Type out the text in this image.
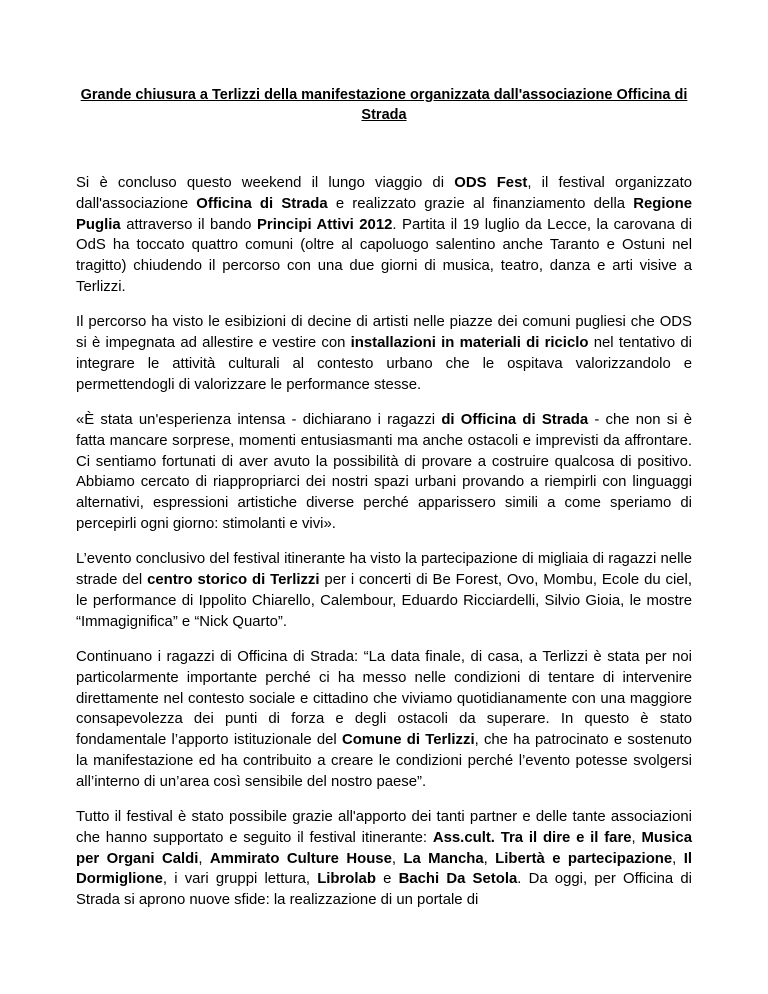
Grande chiusura a Terlizzi della manifestazione organizzata dall'associazione Officina di Strada

Si è concluso questo weekend il lungo viaggio di ODS Fest, il festival organizzato dall'associazione Officina di Strada e realizzato grazie al finanziamento della Regione Puglia attraverso il bando Principi Attivi 2012. Partita il 19 luglio da Lecce, la carovana di OdS ha toccato quattro comuni (oltre al capoluogo salentino anche Taranto e Ostuni nel tragitto) chiudendo il percorso con una due giorni di musica, teatro, danza e arti visive a Terlizzi.

Il percorso ha visto le esibizioni di decine di artisti nelle piazze dei comuni pugliesi che ODS si è impegnata ad allestire e vestire con installazioni in materiali di riciclo nel tentativo di integrare le attività culturali al contesto urbano che le ospitava valorizzandolo e permettendogli di valorizzare le performance stesse.

«È stata un'esperienza intensa - dichiarano i ragazzi di Officina di Strada - che non si è fatta mancare sorprese, momenti entusiasmanti ma anche ostacoli e imprevisti da affrontare. Ci sentiamo fortunati di aver avuto la possibilità di provare a costruire qualcosa di positivo. Abbiamo cercato di riappropriarci dei nostri spazi urbani provando a riempirli con linguaggi alternativi, espressioni artistiche diverse perché apparissero simili a come speriamo di percepirli ogni giorno: stimolanti e vivi».

L’evento conclusivo del festival itinerante ha visto la partecipazione di migliaia di ragazzi nelle strade del centro storico di Terlizzi per i concerti di Be Forest, Ovo, Mombu, Ecole du ciel, le performance di Ippolito Chiarello, Calembour, Eduardo Ricciardelli, Silvio Gioia, le mostre “Immagignifica” e “Nick Quarto”.

Continuano i ragazzi di Officina di Strada: “La data finale, di casa, a Terlizzi è stata per noi particolarmente importante perché ci ha messo nelle condizioni di tentare di intervenire direttamente nel contesto sociale e cittadino che viviamo quotidianamente con una maggiore consapevolezza dei punti di forza e degli ostacoli da superare. In questo è stato fondamentale l’apporto istituzionale del Comune di Terlizzi, che ha patrocinato e sostenuto la manifestazione ed ha contribuito a creare le condizioni perché l’evento potesse svolgersi all’interno di un’area così sensibile del nostro paese”.

Tutto il festival è stato possibile grazie all'apporto dei tanti partner e delle tante associazioni che hanno supportato e seguito il festival itinerante: Ass.cult. Tra il dire e il fare, Musica per Organi Caldi, Ammirato Culture House, La Mancha, Libertà e partecipazione, Il Dormiglione, i vari gruppi lettura, Librolab e Bachi Da Setola. Da oggi, per Officina di Strada si aprono nuove sfide: la realizzazione di un portale di
